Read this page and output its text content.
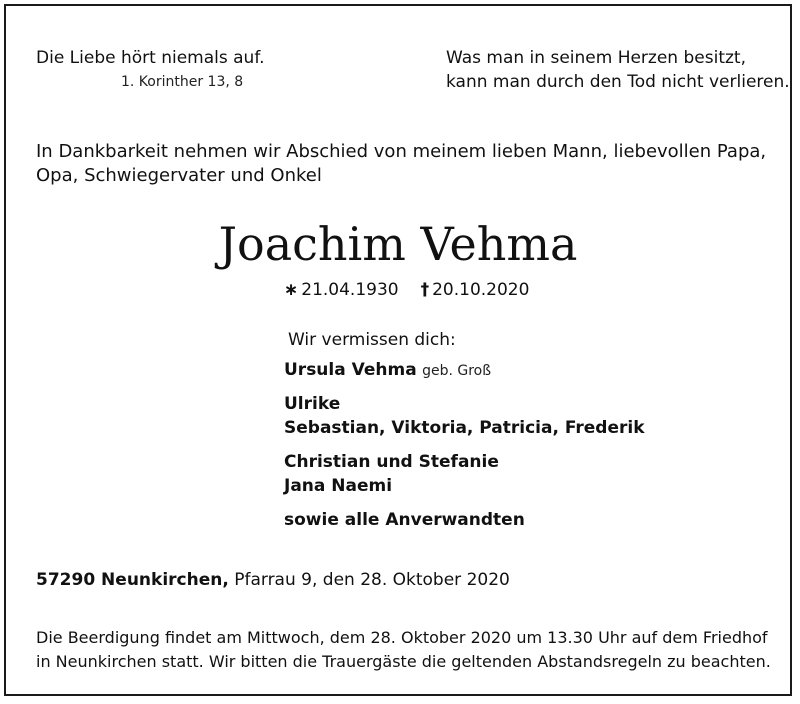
Die Liebe hört niemals auf.
1. Korinther 13, 8
Was man in seinem Herzen besitzt,
kann man durch den Tod nicht verlieren.
In Dankbarkeit nehmen wir Abschied von meinem lieben Mann, liebevollen Papa,
Opa, Schwiegervater und Onkel
Joachim Vehma
∗ 21.04.1930 † 20.10.2020
Wir vermissen dich:
Ursula Vehma geb. Groß
Ulrike
Sebastian, Viktoria, Patricia, Frederik
Christian und Stefanie
Jana Naemi
sowie alle Anverwandten
57290 Neunkirchen, Pfarrau 9, den 28. Oktober 2020
Die Beerdigung findet am Mittwoch, dem 28. Oktober 2020 um 13.30 Uhr auf dem Friedhof
in Neunkirchen statt. Wir bitten die Trauergäste die geltenden Abstandsregeln zu beachten.
